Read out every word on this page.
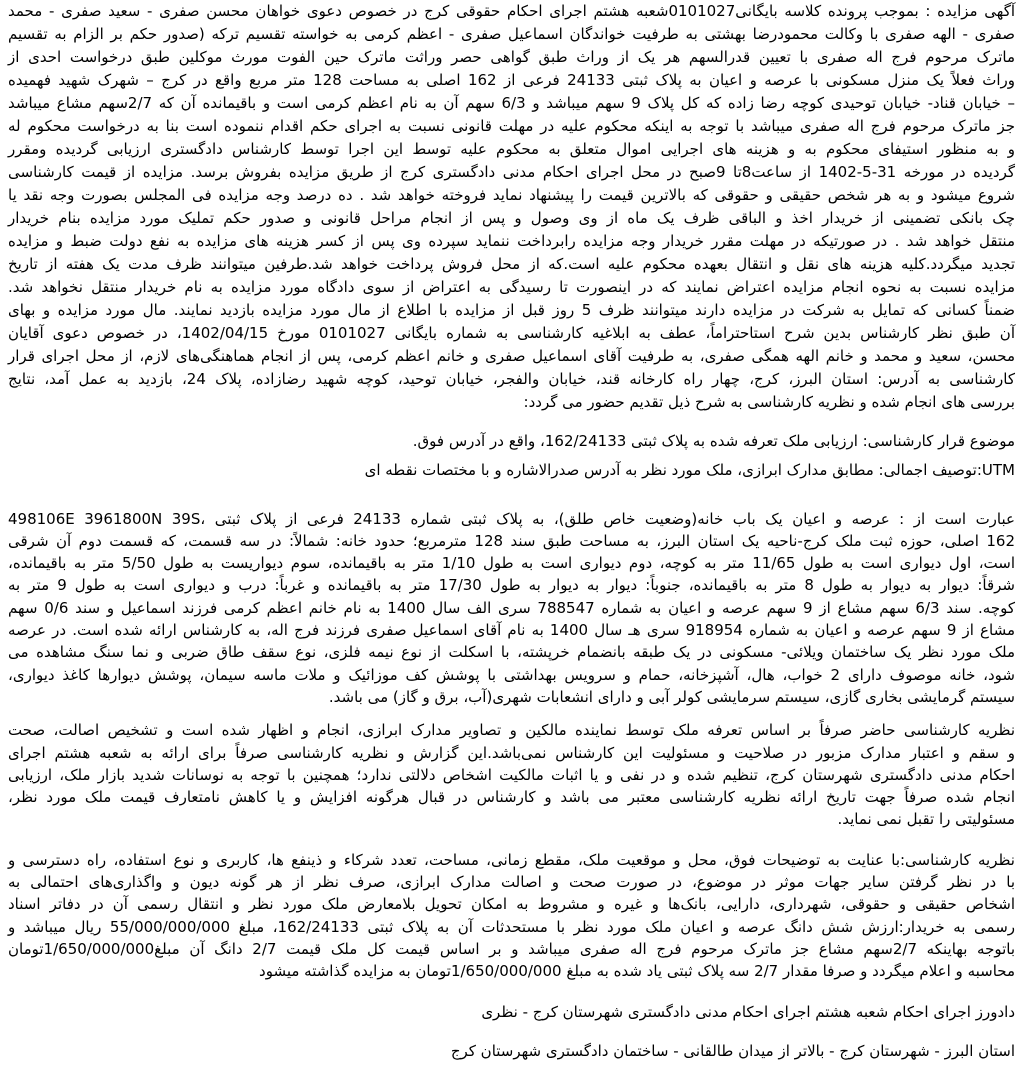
آگهی مزایده : بموجب پرونده کلاسه بایگانی0101027شعبه هشتم اجرای احکام حقوقی کرج در خصوص دعوی خواهان محسن صفری - سعید صفری - محمد
صفری - الهه صفری با وکالت محمودرضا بهشتی به طرفیت خواندگان اسماعیل صفری - اعظم کرمی به خواسته تقسیم ترکه (صدور حکم بر الزام به تقسیم
ماترک مرحوم فرج اله صفری با تعیین قدرالسهم هر یک از وراث طبق گواهی حصر وراثت ماترک حین الفوت مورث موکلین طبق درخواست احدی از
وراث فعلاً یک منزل مسکونی با عرصه و اعیان به پلاک ثبتی 24133 فرعی از 162 اصلی به مساحت 128 متر مربع واقع در کرج – شهرک شهید فهمیده
– خیابان قناد- خیابان توحیدی کوچه رضا زاده که کل پلاک 9 سهم میباشد و 6/3 سهم آن به نام اعظم کرمی است و باقیمانده آن که 2/7سهم مشاع میباشد
جز ماترک مرحوم فرج اله صفری میباشد با توجه به اینکه محکوم علیه در مهلت قانونی نسبت به اجرای حکم اقدام ننموده است بنا به درخواست محکوم له
و به منظور استیفای محکوم به و هزینه های اجرایی اموال متعلق به محکوم علیه توسط این اجرا توسط کارشناس دادگستری ارزیابی گردیده ومقرر
گردیده در مورخه 31-5-1402 از ساعت8تا 9صبح در محل اجرای احکام مدنی دادگستری کرج از طریق مزایده بفروش برسد. مزایده از قیمت کارشناسی
شروع میشود و به هر شخص حقیقی و حقوقی که بالاترین قیمت را پیشنهاد نماید فروخته خواهد شد . ده درصد وجه مزایده فی المجلس بصورت وجه نقد یا
چک بانکی تضمینی از خریدار اخذ و الباقی ظرف یک ماه از وی وصول و پس از انجام مراحل قانونی و صدور حکم تملیک مورد مزایده بنام خریدار
منتقل خواهد شد . در صورتیکه در مهلت مقرر خریدار وجه مزایده رابرداخت ننماید سپرده وی پس از کسر هزینه های مزایده به نفع دولت ضبط و مزایده
تجدید میگردد.کلیه هزینه های نقل و انتقال بعهده محکوم علیه است.که از محل فروش پرداخت خواهد شد.طرفین میتوانند ظرف مدت یک هفته از تاریخ
مزایده نسبت به نحوه انجام مزایده اعتراض نمایند که در اینصورت تا رسیدگی به اعتراض از سوی دادگاه مورد مزایده به نام خریدار منتقل نخواهد شد.
ضمناً کسانی که تمایل به شرکت در مزایده دارند میتوانند ظرف 5 روز قبل از مزایده با اطلاع از مال مورد مزایده بازدید نمایند. مال مورد مزایده و بهای
آن طبق نظر کارشناس بدین شرح استاحتراماً، عطف به ابلاغیه کارشناسی به شماره بایگانی 0101027 مورخ 1402/04/15، در خصوص دعوی آقایان
محسن، سعید و محمد و خانم الهه همگی صفری، به طرفیت آقای اسماعیل صفری و خانم اعظم کرمی، پس از انجام هماهنگی‌های لازم، از محل اجرای قرار
کارشناسی به آدرس: استان البرز، کرج، چهار راه کارخانه قند، خیابان والفجر، خیابان توحید، کوچه شهید رضازاده، پلاک 24، بازدید به عمل آمد، نتایج
بررسی های انجام شده و نظریه کارشناسی به شرح ذیل تقدیم حضور می گردد:
موضوع قرار کارشناسی: ارزیابی ملک تعرفه شده به پلاک ثبتی 162/24133، واقع در آدرس فوق.
UTM:توصیف اجمالی: مطابق مدارک ابرازی، ملک مورد نظر به آدرس صدرالاشاره و با مختصات نقطه ای
عبارت است از : عرصه و اعیان یک باب خانه(وضعیت خاص طلق)، به پلاک ثبتی شماره 24133 فرعی از پلاک ثبتی ،498106E 3961800N 39S
162 اصلی، حوزه ثبت ملک کرج-ناحیه یک استان البرز، به مساحت طبق سند 128 مترمربع؛ حدود خانه: شمالاً: در سه قسمت، که قسمت دوم آن شرقی
است، اول دیواری است به طول 11/65 متر به کوچه، دوم دیواری است به طول 1/10 متر به باقیمانده، سوم دیواریست به طول 5/50 متر به باقیمانده،
شرقاً: دیوار به دیوار به طول 8 متر به باقیمانده، جنوباً: دیوار به دیوار به طول 17/30 متر به باقیمانده و غرباً: درب و دیواری است به طول 9 متر به
کوچه. سند 6/3 سهم مشاع از 9 سهم عرصه و اعیان به شماره 788547 سری الف سال 1400 به نام خانم اعظم کرمی فرزند اسماعیل و سند 0/6 سهم
مشاع از 9 سهم عرصه و اعیان به شماره 918954 سری هـ سال 1400 به نام آقای اسماعیل صفری فرزند فرج اله، به کارشناس ارائه شده است. در عرصه
ملک مورد نظر یک ساختمان ویلائی- مسکونی در یک طبقه بانضمام خرپشته، با اسکلت از نوع نیمه فلزی، نوع سقف طاق ضربی و نما سنگ مشاهده می
شود، خانه موصوف دارای 2 خواب، هال، آشپزخانه، حمام و سرویس بهداشتی با پوشش کف موزائیک و ملات ماسه سیمان، پوشش دیوارها کاغذ دیواری،
سیستم گرمایشی بخاری گازی، سیستم سرمایشی کولر آبی و دارای انشعابات شهری(آب، برق و گاز) می باشد.
نظریه کارشناسی حاضر صرفاً بر اساس تعرفه ملک توسط نماینده مالکین و تصاویر مدارک ابرازی، انجام و اظهار شده است و تشخیص اصالت، صحت
و سقم و اعتبار مدارک مزبور در صلاحیت و مسئولیت این کارشناس نمی‌باشد.این گزارش و نظریه کارشناسی صرفاً برای ارائه به شعبه هشتم اجرای
احکام مدنی دادگستری شهرستان کرج، تنظیم شده و در نفی و یا اثبات مالکیت اشخاص دلالتی ندارد؛ همچنین با توجه به نوسانات شدید بازار ملک، ارزیابی
انجام شده صرفاً جهت تاریخ ارائه نظریه کارشناسی معتبر می باشد و کارشناس در قبال هرگونه افزایش و یا کاهش نامتعارف قیمت ملک مورد نظر،
مسئولیتی را تقبل نمی نماید.
نظریه کارشناسی:با عنایت به توضیحات فوق، محل و موقعیت ملک، مقطع زمانی، مساحت، تعدد شرکاء و ذینفع ها، کاربری و نوع استفاده، راه دسترسی و
با در نظر گرفتن سایر جهات موثر در موضوع، در صورت صحت و اصالت مدارک ابرازی، صرف نظر از هر گونه دیون و واگذاری‌های احتمالی به
اشخاص حقیقی و حقوقی، شهرداری، دارایی، بانک‌ها و غیره و مشروط به امکان تحویل بلامعارض ملک مورد نظر و انتقال رسمی آن در دفاتر اسناد
رسمی به خریدار:ارزش شش دانگ عرصه و اعیان ملک مورد نظر با مستحدثات آن به پلاک ثبتی 162/24133، مبلغ 55/000/000/000 ریال میباشد و
باتوجه بهاینکه 2/7سهم مشاع جز ماترک مرحوم فرج اله صفری میباشد و بر اساس قیمت کل ملک قیمت 2/7 دانگ آن مبلغ1/650/000/000تومان
محاسبه و اعلام میگردد و صرفا مقدار 2/7 سه پلاک ثبتی یاد شده به مبلغ 1/650/000/000تومان به مزایده گذاشته میشود
دادورز اجرای احکام شعبه هشتم اجرای احکام مدنی دادگستری شهرستان کرج - نظری
استان البرز - شهرستان کرج - بالاتر از میدان طالقانی - ساختمان دادگستری شهرستان کرج
